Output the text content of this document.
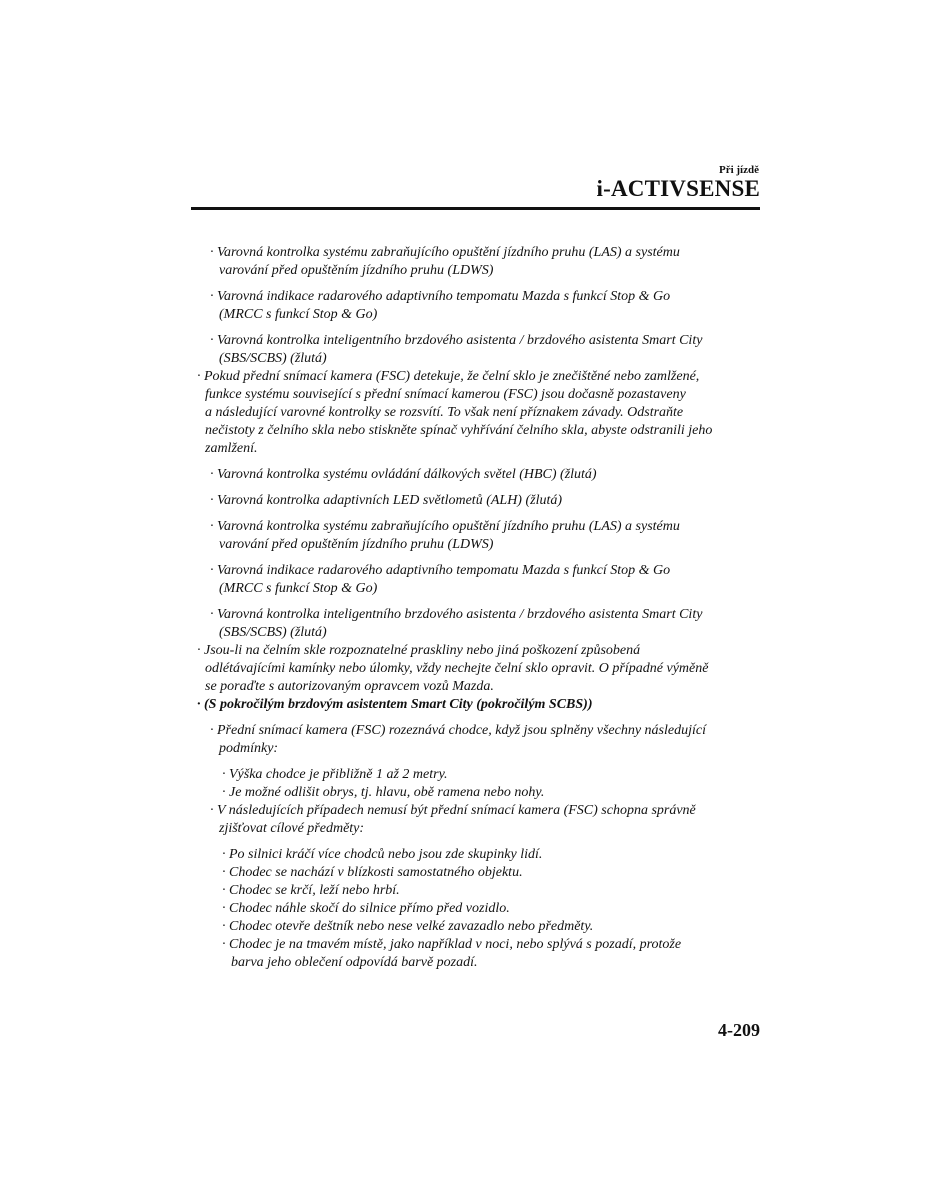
Při jízdě
i-ACTIVSENSE
· Varovná kontrolka systému zabraňujícího opuštění jízdního pruhu (LAS) a systému
varování před opuštěním jízdního pruhu (LDWS)
· Varovná indikace radarového adaptivního tempomatu Mazda s funkcí Stop & Go
(MRCC s funkcí Stop & Go)
· Varovná kontrolka inteligentního brzdového asistenta / brzdového asistenta Smart City
(SBS/SCBS) (žlutá)
· Pokud přední snímací kamera (FSC) detekuje, že čelní sklo je znečištěné nebo zamlžené,
funkce systému související s přední snímací kamerou (FSC) jsou dočasně pozastaveny
a následující varovné kontrolky se rozsvítí. To však není příznakem závady. Odstraňte
nečistoty z čelního skla nebo stiskněte spínač vyhřívání čelního skla, abyste odstranili jeho
zamlžení.
· Varovná kontrolka systému ovládání dálkových světel (HBC) (žlutá)
· Varovná kontrolka adaptivních LED světlometů (ALH) (žlutá)
· Varovná kontrolka systému zabraňujícího opuštění jízdního pruhu (LAS) a systému
varování před opuštěním jízdního pruhu (LDWS)
· Varovná indikace radarového adaptivního tempomatu Mazda s funkcí Stop & Go
(MRCC s funkcí Stop & Go)
· Varovná kontrolka inteligentního brzdového asistenta / brzdového asistenta Smart City
(SBS/SCBS) (žlutá)
· Jsou-li na čelním skle rozpoznatelné praskliny nebo jiná poškození způsobená
odlétávajícími kamínky nebo úlomky, vždy nechejte čelní sklo opravit. O případné výměně
se poraďte s autorizovaným opravcem vozů Mazda.
· (S pokročilým brzdovým asistentem Smart City (pokročilým SCBS))
· Přední snímací kamera (FSC) rozeznává chodce, když jsou splněny všechny následující
podmínky:
· Výška chodce je přibližně 1 až 2 metry.
· Je možné odlišit obrys, tj. hlavu, obě ramena nebo nohy.
· V následujících případech nemusí být přední snímací kamera (FSC) schopna správně
zjišťovat cílové předměty:
· Po silnici kráčí více chodců nebo jsou zde skupinky lidí.
· Chodec se nachází v blízkosti samostatného objektu.
· Chodec se krčí, leží nebo hrbí.
· Chodec náhle skočí do silnice přímo před vozidlo.
· Chodec otevře deštník nebo nese velké zavazadlo nebo předměty.
· Chodec je na tmavém místě, jako například v noci, nebo splývá s pozadí, protože
barva jeho oblečení odpovídá barvě pozadí.
4-209
